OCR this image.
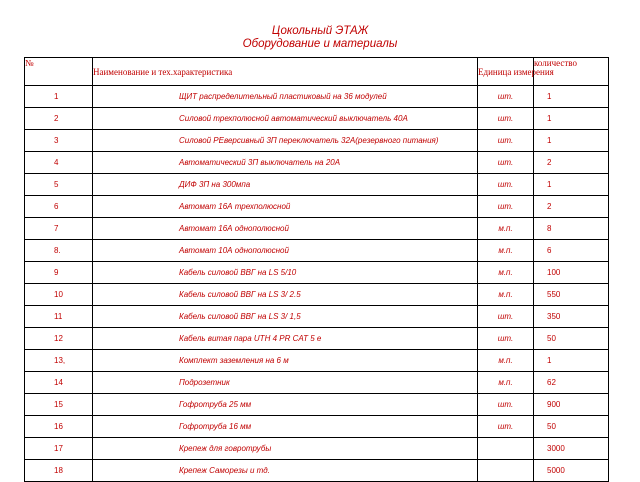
Цокольный ЭТАЖ
Оборудование и материалы
№	Наименование и тех.характеристика	Единица измерения	количество
1	ЩИТ распределительный пластиковый на 36 модулей	шт.	1
2	Силовой трехполюсной автоматический выключатель 40А	шт.	1
3	Силовой РЕверсивный 3П переключатель 32А(резервного питания)	шт.	1
4	Автоматический 3П выключатель на 20А	шт.	2
5	ДИФ 3П на 300мпа	шт.	1
6	Автомат 16А трехполюсной	шт.	2
7	Автомат 16А однополюсной	м.п.	8
8.	Автомат 10А однополюсной	м.п.	6
9	Кабель силовой ВВГ на LS 5/10	м.п.	100
10	Кабель силовой ВВГ на LS 3/ 2.5	м.п.	550
11	Кабель силовой ВВГ на LS 3/ 1,5	шт.	350
12	Кабель витая пара UTH 4 PR CAT 5 e	шт.	50
13,	Комплект заземления на 6 м	м.п.	1
14	Подрозетник	м.п.	62
15	Гофротруба 25 мм	шт.	900
16	Гофротруба 16 мм	шт.	50
17	Крепеж для говротрубы		3000
18	Крепеж Саморезы и тд.		5000
